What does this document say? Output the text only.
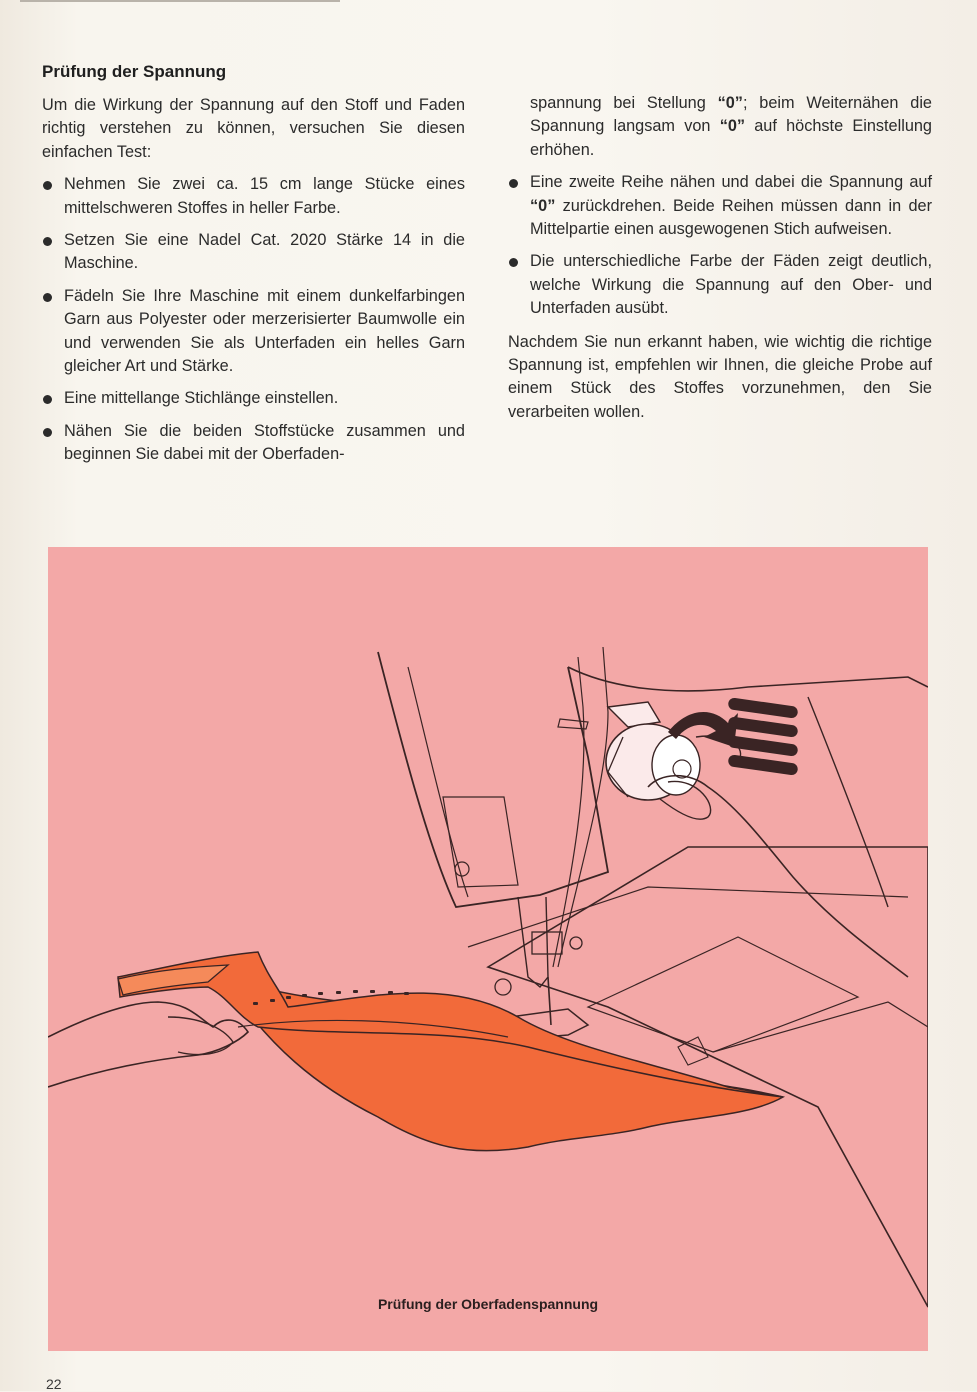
Prüfung der Spannung

Um die Wirkung der Spannung auf den Stoff und Faden richtig verstehen zu können, versuchen Sie diesen einfachen Test:

Nehmen Sie zwei ca. 15 cm lange Stücke eines mittelschweren Stoffes in heller Farbe.
Setzen Sie eine Nadel Cat. 2020 Stärke 14 in die Maschine.
Fädeln Sie Ihre Maschine mit einem dunkelfarbingen Garn aus Polyester oder merzerisierter Baumwolle ein und verwenden Sie als Unterfaden ein helles Garn gleicher Art und Stärke.
Eine mittellange Stichlänge einstellen.
Nähen Sie die beiden Stoffstücke zusammen und beginnen Sie dabei mit der Oberfaden-

spannung bei Stellung “0”; beim Weiternähen die Spannung langsam von “0” auf höchste Einstellung erhöhen.

Eine zweite Reihe nähen und dabei die Spannung auf “0” zurückdrehen. Beide Reihen müssen dann in der Mittelpartie einen ausgewogenen Stich aufweisen.
Die unterschiedliche Farbe der Fäden zeigt deutlich, welche Wirkung die Spannung auf den Ober- und Unterfaden ausübt.

Nachdem Sie nun erkannt haben, wie wichtig die richtige Spannung ist, empfehlen wir Ihnen, die gleiche Probe auf einem Stück des Stoffes vorzunehmen, den Sie verarbeiten wollen.

Prüfung der Oberfadenspannung
22
